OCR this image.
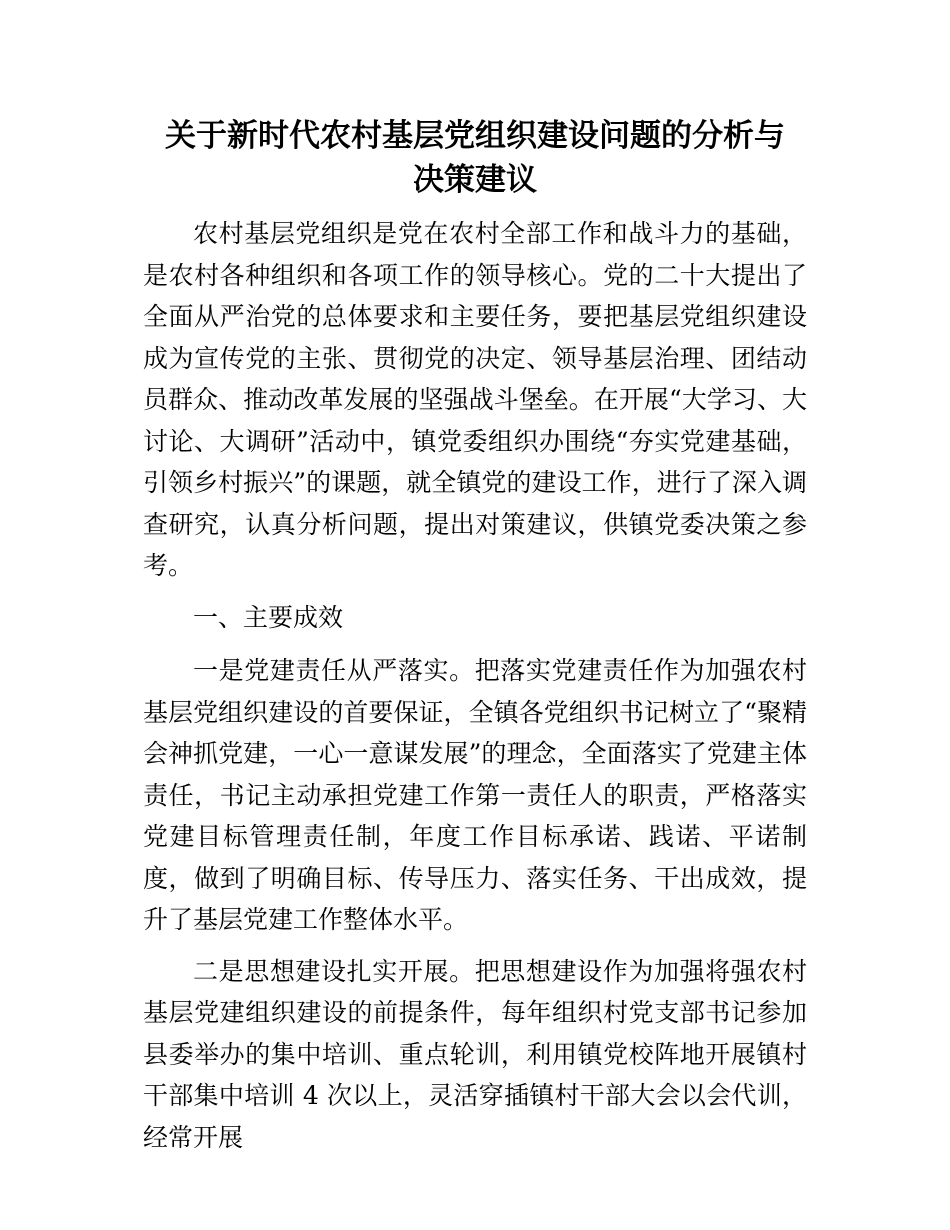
关于新时代农村基层党组织建设问题的分析与
决策建议

农村基层党组织是党在农村全部工作和战斗力的基础，是农村各种组织和各项工作的领导核心。党的二十大提出了全面从严治党的总体要求和主要任务，要把基层党组织建设成为宣传党的主张、贯彻党的决定、领导基层治理、团结动员群众、推动改革发展的坚强战斗堡垒。在开展“大学习、大讨论、大调研”活动中，镇党委组织办围绕“夯实党建基础，引领乡村振兴”的课题，就全镇党的建设工作，进行了深入调查研究，认真分析问题，提出对策建议，供镇党委决策之参考。

一、主要成效

一是党建责任从严落实。把落实党建责任作为加强农村基层党组织建设的首要保证，全镇各党组织书记树立了“聚精会神抓党建，一心一意谋发展”的理念，全面落实了党建主体责任，书记主动承担党建工作第一责任人的职责，严格落实党建目标管理责任制，年度工作目标承诺、践诺、平诺制度，做到了明确目标、传导压力、落实任务、干出成效，提升了基层党建工作整体水平。

二是思想建设扎实开展。把思想建设作为加强将强农村基层党建组织建设的前提条件，每年组织村党支部书记参加县委举办的集中培训、重点轮训，利用镇党校阵地开展镇村干部集中培训 4 次以上，灵活穿插镇村干部大会以会代训，经常开展
